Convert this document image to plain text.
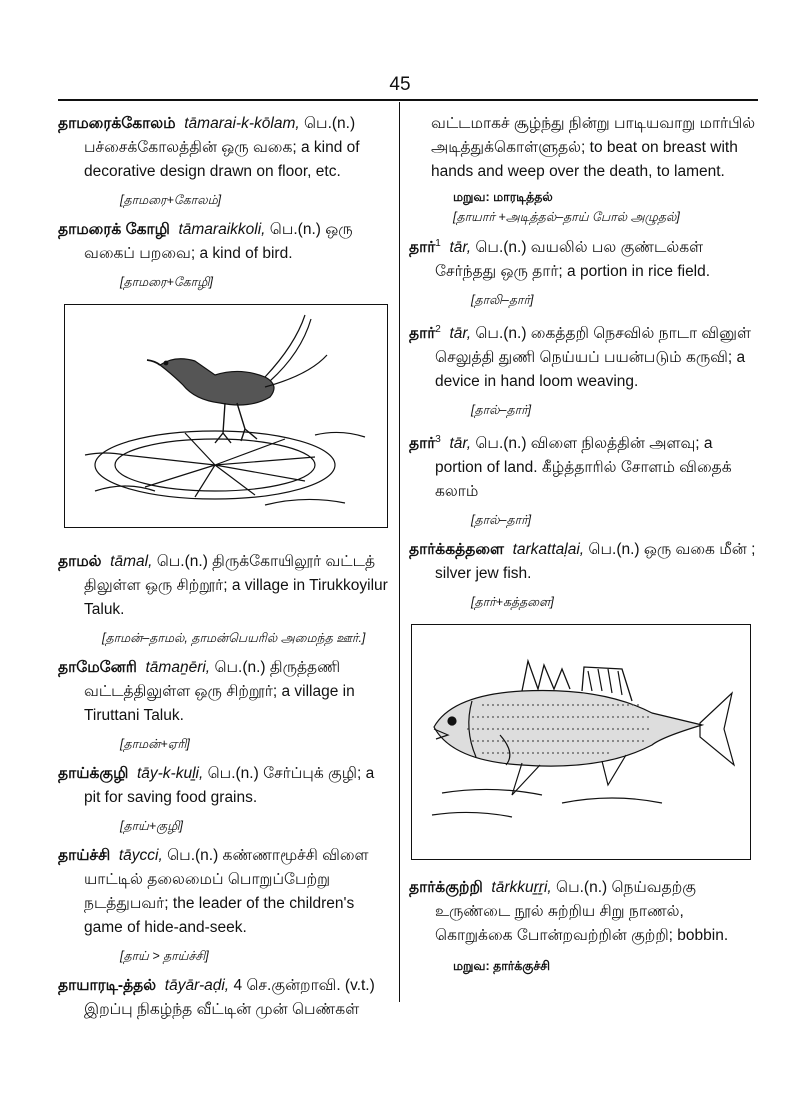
45
தாமரைக்கோலம் tāmarai-k-kōlam, பெ.(n.) பச்சைக்கோலத்தின் ஒரு வகை; a kind of decorative design drawn on floor, etc.
[தாமரை+கோலம்]
தாமரைக் கோழி tāmaraikkoli, பெ.(n.) ஒரு வகைப் பறவை; a kind of bird.
[தாமரை+கோழி]
தாமல் tāmal, பெ.(n.) திருக்கோயிலூர் வட்டத் திலுள்ள ஒரு சிற்றூர்; a village in Tirukkoyilur Taluk.
[தாமன்–தாமல், தாமன்பெயரில் அமைந்த ஊர்.]
தாமேனேரி tāmaṉēri, பெ.(n.) திருத்தணி வட்டத்திலுள்ள ஒரு சிற்றூர்; a village in Tiruttani Taluk.
[தாமன்+ஏரி]
தாய்க்குழி tāy-k-kuḻi, பெ.(n.) சேர்ப்புக் குழி; a pit for saving food grains.
[தாய்+குழி]
தாய்ச்சி tāycci, பெ.(n.) கண்ணாமூச்சி விளை யாட்டில் தலைமைப் பொறுப்பேற்று நடத்துபவர்; the leader of the children's game of hide-and-seek.
[தாய் > தாய்ச்சி]
தாயாரடி-த்தல் tāyār-aḍi, 4 செ.குன்றாவி. (v.t.) இறப்பு நிகழ்ந்த வீட்டின் முன் பெண்கள்
வட்டமாகச் சூழ்ந்து நின்று பாடியவாறு மார்பில் அடித்துக்கொள்ளுதல்; to beat on breast with hands and weep over the death, to lament.
மறுவ: மாரடித்தல்
[தாயார் +அடித்தல்–தாய் போல் அழுதல்]
தார்$^1$ tār, பெ.(n.) வயலில் பல குண்டல்கள் சேர்ந்தது ஒரு தார்; a portion in rice field.
[தாலி–தார்]
தார்$^2$ tār, பெ.(n.) கைத்தறி நெசவில் நாடா வினுள் செலுத்தி துணி நெய்யப் பயன்படும் கருவி; a device in hand loom weaving.
[தால்–தார்]
தார்$^3$ tār, பெ.(n.) விளை நிலத்தின் அளவு; a portion of land. கீழ்த்தாரில் சோளம் விதைக் கலாம்
[தால்–தார்]
தார்க்கத்தளை tarkattaḷai, பெ.(n.) ஒரு வகை மீன் ; silver jew fish.
[தார்+கத்தளை]
தார்க்குற்றி tārkkuṟṟi, பெ.(n.) நெய்வதற்கு உருண்டை நூல் சுற்றிய சிறு நாணல், கொறுக்கை போன்றவற்றின் குற்றி; bobbin.
மறுவ: தார்க்குச்சி
